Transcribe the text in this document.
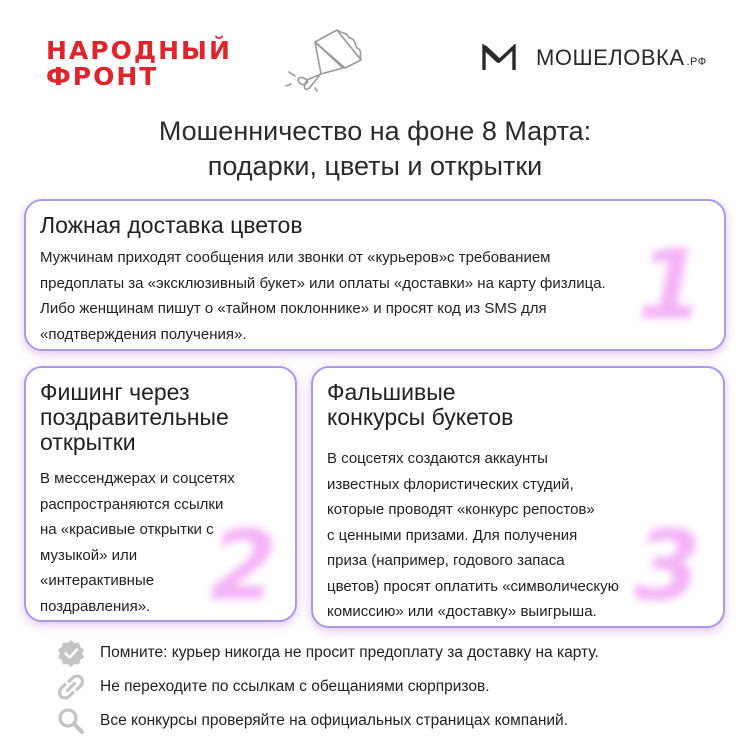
НАРОДНЫЙ
ФРОНТ
МОШЕЛОВКА .РФ
Мошенничество на фоне 8 Марта:
подарки, цветы и открытки
1
Ложная доставка цветов
Мужчинам приходят сообщения или звонки от «курьеров»с требованием
предоплаты за «эксклюзивный букет» или оплаты «доставки» на карту физлица.
Либо женщинам пишут о «тайном поклоннике» и просят код из SMS для
«подтверждения получения».
2
Фишинг через
поздравительные
открытки
В мессенджерах и соцсетях
распространяются ссылки
на «красивые открытки с
музыкой» или
«интерактивные
поздравления».	3
Фальшивые
конкурсы букетов
В соцсетях создаются аккаунты
известных флористических студий,
которые проводят «конкурс репостов»
с ценными призами. Для получения
приза (например, годового запаса
цветов) просят оплатить «символическую
комиссию» или «доставку» выигрыша.
Помните: курьер никогда не просит предоплату за доставку на карту.
Не переходите по ссылкам с обещаниями сюрпризов.
Все конкурсы проверяйте на официальных страницах компаний.
